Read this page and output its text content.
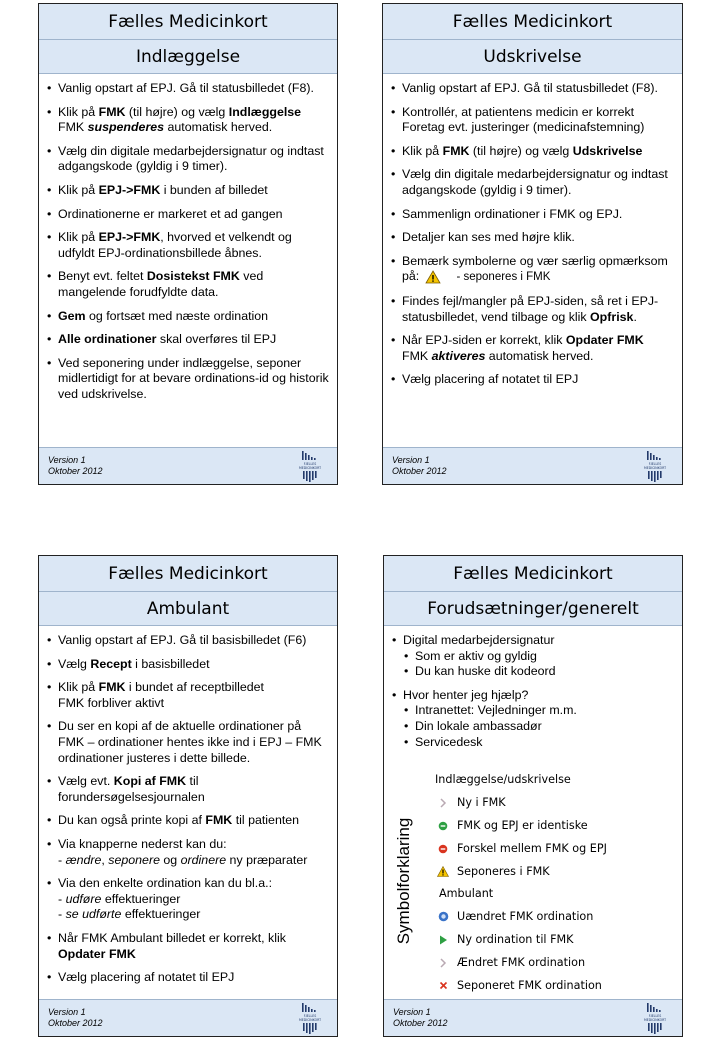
Fælles Medicinkort
Indlæggelse
• Vanlig opstart af EPJ. Gå til statusbilledet (F8).
• Klik på FMK (til højre) og vælg Indlæggelse
FMK suspenderes automatisk herved.
• Vælg din digitale medarbejdersignatur og indtast adgangskode (gyldig i 9 timer).
• Klik på EPJ->FMK i bunden af billedet
• Ordinationerne er markeret et ad gangen
• Klik på EPJ->FMK, hvorved et velkendt og udfyldt EPJ-ordinationsbillede åbnes.
• Benyt evt. feltet Dosistekst FMK ved mangelende forudfyldte data.
• Gem og fortsæt med næste ordination
• Alle ordinationer skal overføres til EPJ
• Ved seponering under indlæggelse, seponer midlertidigt for at bevare ordinations-id og historik ved udskrivelse.
Version 1
Oktober 2012
FÆLLES
MEDICINKORT
Fælles Medicinkort
Udskrivelse
• Vanlig opstart af EPJ. Gå til statusbilledet (F8).
• Kontrollér, at patientens medicin er korrekt Foretag evt. justeringer (medicinafstemning)
• Klik på FMK (til højre) og vælg Udskrivelse
• Vælg din digitale medarbejdersignatur og indtast adgangskode (gyldig i 9 timer).
• Sammenlign ordinationer i FMK og EPJ.
• Detaljer kan ses med højre klik.
• Bemærk symbolerne og vær særlig opmærksom på:	- seponeres i FMK
• Findes fejl/mangler på EPJ-siden, så ret i EPJ-statusbilledet, vend tilbage og klik Opfrisk.
• Når EPJ-siden er korrekt, klik Opdater FMK
FMK aktiveres automatisk herved.
• Vælg placering af notatet til EPJ
Version 1
Oktober 2012
FÆLLES
MEDICINKORT
Fælles Medicinkort
Ambulant
• Vanlig opstart af EPJ. Gå til basisbilledet (F6)
• Vælg Recept i basisbilledet
• Klik på FMK i bundet af receptbilledet
FMK forbliver aktivt
• Du ser en kopi af de aktuelle ordinationer på FMK – ordinationer hentes ikke ind i EPJ – FMK ordinationer justeres i dette billede.
• Vælg evt. Kopi af FMK til forundersøgelsesjournalen
• Du kan også printe kopi af FMK til patienten
• Via knapperne nederst kan du:
- ændre, seponere og ordinere ny præparater
• Via den enkelte ordination kan du bl.a.:
- udføre effektueringer
- se udførte effektueringer
• Når FMK Ambulant billedet er korrekt, klik
Opdater FMK
• Vælg placering af notatet til EPJ
Version 1
Oktober 2012
FÆLLES
MEDICINKORT
Fælles Medicinkort
Forudsætninger/generelt
• Digital medarbejdersignatur
• Som er aktiv og gyldig
• Du kan huske dit kodeord
• Hvor henter jeg hjælp?
• Intranettet: Vejledninger m.m.
• Din lokale ambassadør
• Servicedesk
Symbolforklaring
Indlæggelse/udskrivelse
Ny i FMK
FMK og EPJ er identiske
Forskel mellem FMK og EPJ
Seponeres i FMK
Ambulant
Uændret FMK ordination
Ny ordination til FMK
Ændret FMK ordination
Seponeret FMK ordination
Version 1
Oktober 2012
FÆLLES
MEDICINKORT
